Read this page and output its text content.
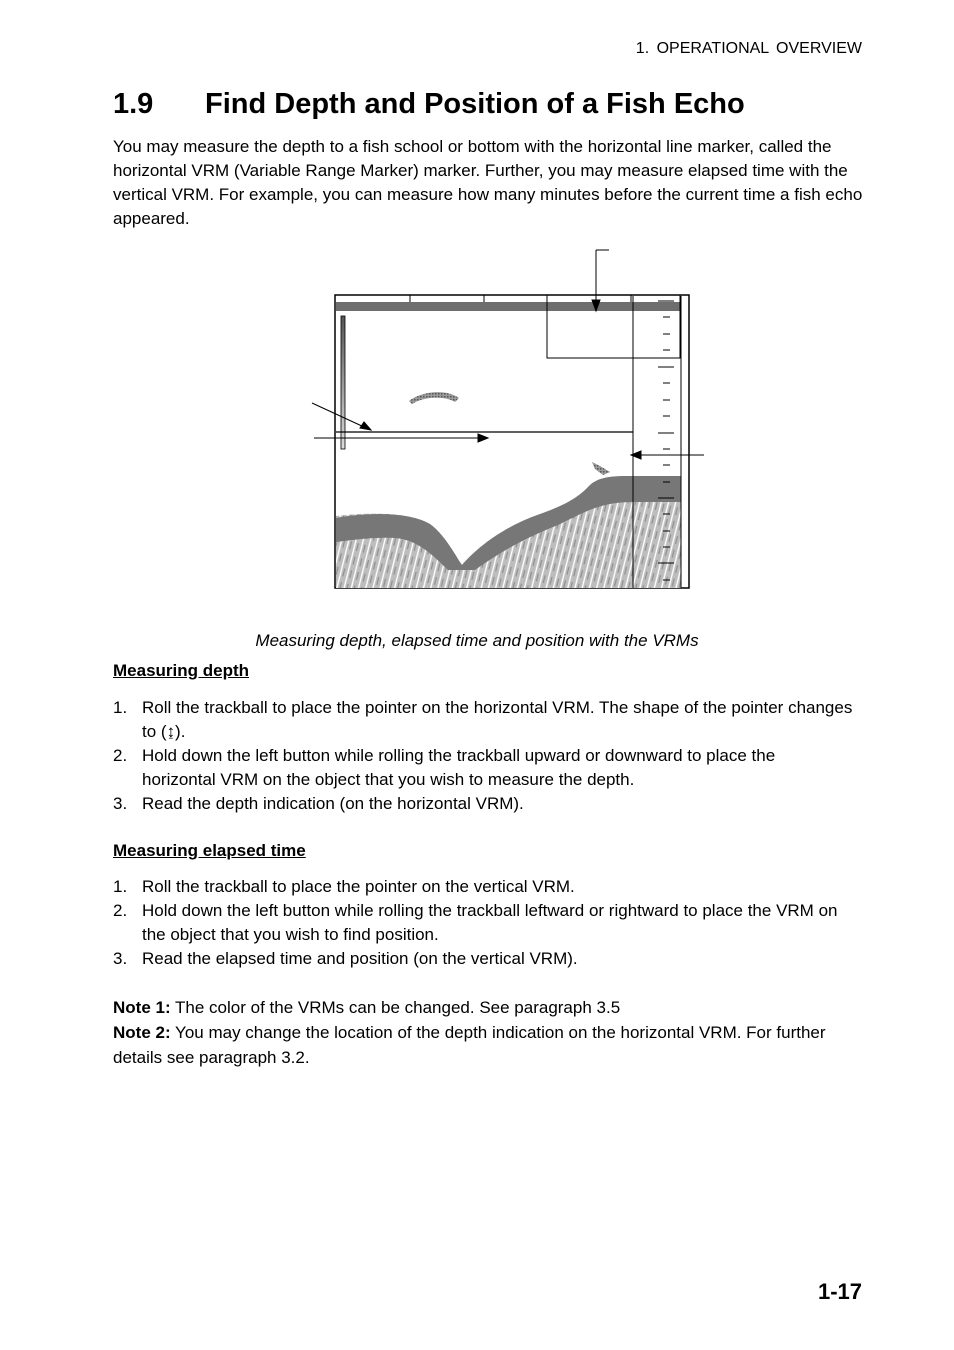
1. OPERATIONAL OVERVIEW
1.9 Find Depth and Position of a Fish Echo

You may measure the depth to a fish school or bottom with the horizontal line marker, called the horizontal VRM (Variable Range Marker) marker. Further, you may measure elapsed time with the vertical VRM. For example, you can measure how many minutes before the current time a fish echo appeared.

Measuring depth, elapsed time and position with the VRMs
Measuring depth
1. Roll the trackball to place the pointer on the horizontal VRM. The shape of the pointer changes to (↨).
2. Hold down the left button while rolling the trackball upward or downward to place the horizontal VRM on the object that you wish to measure the depth.
3. Read the depth indication (on the horizontal VRM).
Measuring elapsed time
1. Roll the trackball to place the pointer on the vertical VRM.
2. Hold down the left button while rolling the trackball leftward or rightward to place the VRM on the object that you wish to find position.
3. Read the elapsed time and position (on the vertical VRM).

Note 1: The color of the VRMs can be changed. See paragraph 3.5

Note 2: You may change the location of the depth indication on the horizontal VRM. For further details see paragraph 3.2.

1-17
